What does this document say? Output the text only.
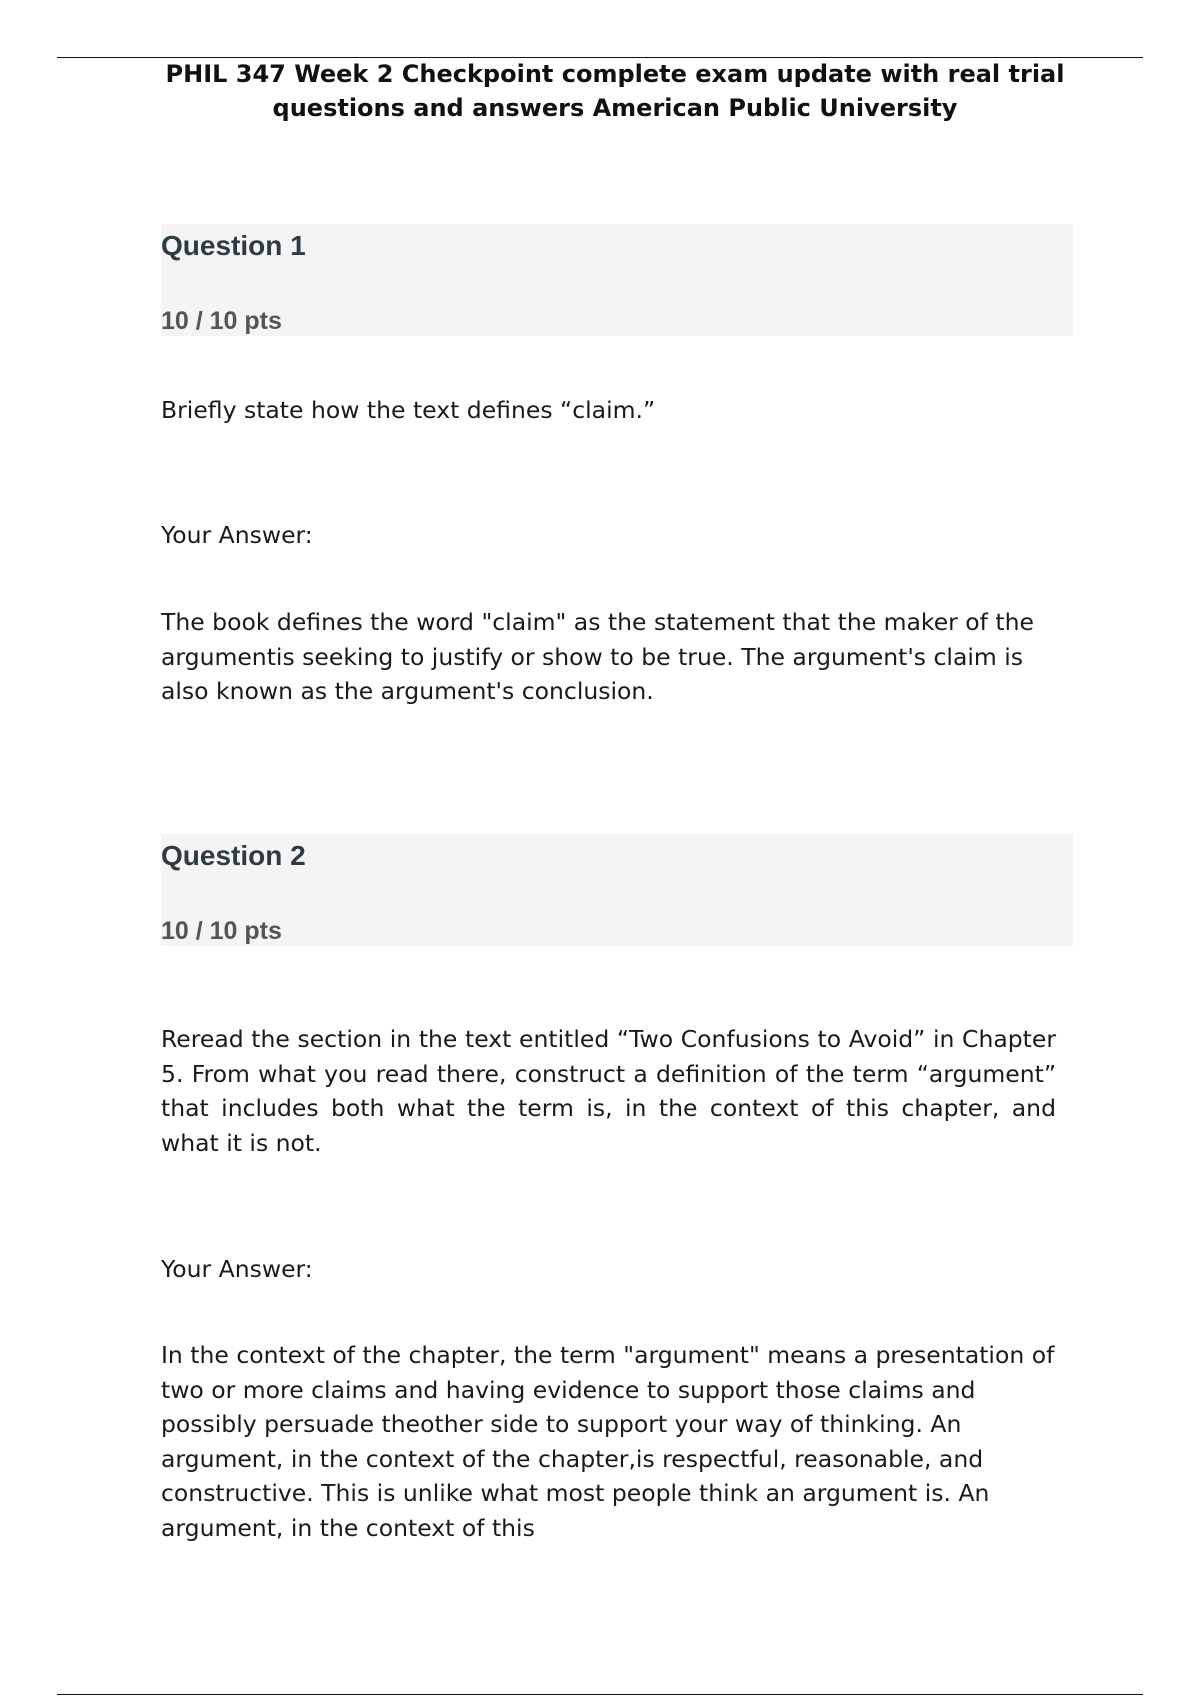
PHIL 347 Week 2 Checkpoint complete exam update with real trial questions and answers American Public University
Question 1
10 / 10 pts

Briefly state how the text defines “claim.”

Your Answer:

The book defines the word "claim" as the statement that the maker of the argumentis seeking to justify or show to be true. The argument's claim is also known as the argument's conclusion.

Question 2
10 / 10 pts

Reread the section in the text entitled “Two Confusions to Avoid” in Chapter 5. From what you read there, construct a definition of the term “argument” that includes both what the term is, in the context of this chapter, and what it is not.

Your Answer:

In the context of the chapter, the term "argument" means a presentation of two or more claims and having evidence to support those claims and possibly persuade theother side to support your way of thinking. An argument, in the context of the chapter,is respectful, reasonable, and constructive. This is unlike what most people think an argument is. An argument, in the context of this
